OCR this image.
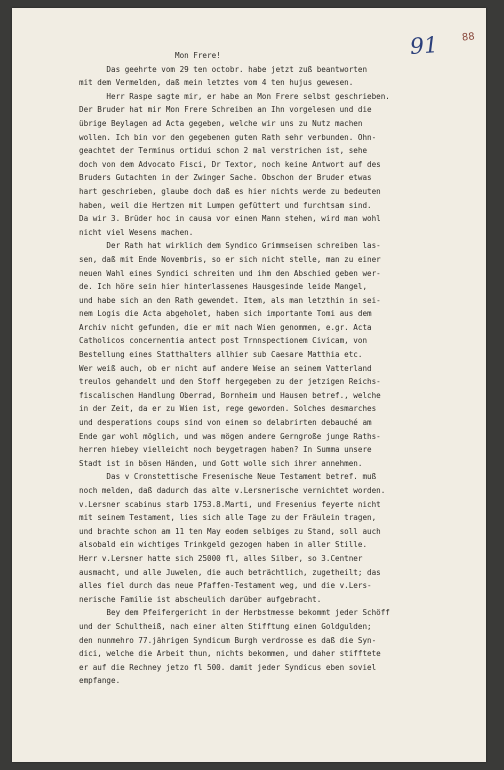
91 88
Mon Frere!
Das geehrte vom 29 ten octobr. habe jetzt zuß beantworten
mit dem Vermelden, daß mein letztes vom 4 ten hujus gewesen.
Herr Raspe sagte mir, er habe an Mon Frere selbst geschrieben.
Der Bruder hat mir Mon Frere Schreiben an Ihn vorgelesen und die
übrige Beylagen ad Acta gegeben, welche wir uns zu Nutz machen
wollen. Ich bin vor den gegebenen guten Rath sehr verbunden. Ohn-
geachtet der Terminus ortidui schon 2 mal verstrichen ist, sehe
doch von dem Advocato Fisci, Dr Textor, noch keine Antwort auf des
Bruders Gutachten in der Zwinger Sache. Obschon der Bruder etwas
hart geschrieben, glaube doch daß es hier nichts werde zu bedeuten
haben, weil die Hertzen mit Lumpen gefüttert und furchtsam sind.
Da wir 3. Brüder hoc in causa vor einen Mann stehen, wird man wohl
nicht viel Wesens machen.
Der Rath hat wirklich dem Syndico Grimmseisen schreiben las-
sen, daß mit Ende Novembris, so er sich nicht stelle, man zu einer
neuen Wahl eines Syndici schreiten und ihm den Abschied geben wer-
de. Ich höre sein hier hinterlassenes Hausgesinde leide Mangel,
und habe sich an den Rath gewendet. Item, als man letzthin in sei-
nem Logis die Acta abgeholet, haben sich importante Tomi aus dem
Archiv nicht gefunden, die er mit nach Wien genommen, e.gr. Acta
Catholicos concernentia antect post Trnnspectionem Civicam, von
Bestellung eines Statthalters allhier sub Caesare Matthia etc.
Wer weiß auch, ob er nicht auf andere Weise an seinem Vatterland
treulos gehandelt und den Stoff hergegeben zu der jetzigen Reichs-
fiscalischen Handlung Oberrad, Bornheim und Hausen betref., welche
in der Zeit, da er zu Wien ist, rege geworden. Solches desmarches
und desperations coups sind von einem so delabrirten debauché am
Ende gar wohl möglich, und was mögen andere Gerngroße junge Raths-
herren hiebey vielleicht noch beygetragen haben? In Summa unsere
Stadt ist in bösen Händen, und Gott wolle sich ihrer annehmen.
Das v Cronstettische Fresenische Neue Testament betref. muß
noch melden, daß dadurch das alte v.Lersnerische vernichtet worden.
v.Lersner scabinus starb 1753.8.Marti, und Fresenius feyerte nicht
mit seinem Testament, lies sich alle Tage zu der Fräulein tragen,
und brachte schon am 11 ten May eodem selbiges zu Stand, soll auch
alsobald ein wichtiges Trinkgeld gezogen haben in aller Stille.
Herr v.Lersner hatte sich 25000 fl, alles Silber, so 3.Centner
ausmacht, und alle Juwelen, die auch beträchtlich, zugetheilt; das
alles fiel durch das neue Pfaffen-Testament weg, und die v.Lers-
nerische Familie ist abscheulich darüber aufgebracht.
Bey dem Pfeifergericht in der Herbstmesse bekommt jeder Schöff
und der Schultheiß, nach einer alten Stifftung einen Goldgulden;
den nunmehro 77.jährigen Syndicum Burgh verdrosse es daß die Syn-
dici, welche die Arbeit thun, nichts bekommen, und daher stifftete
er auf die Rechney jetzo fl 500. damit jeder Syndicus eben soviel
empfange.
